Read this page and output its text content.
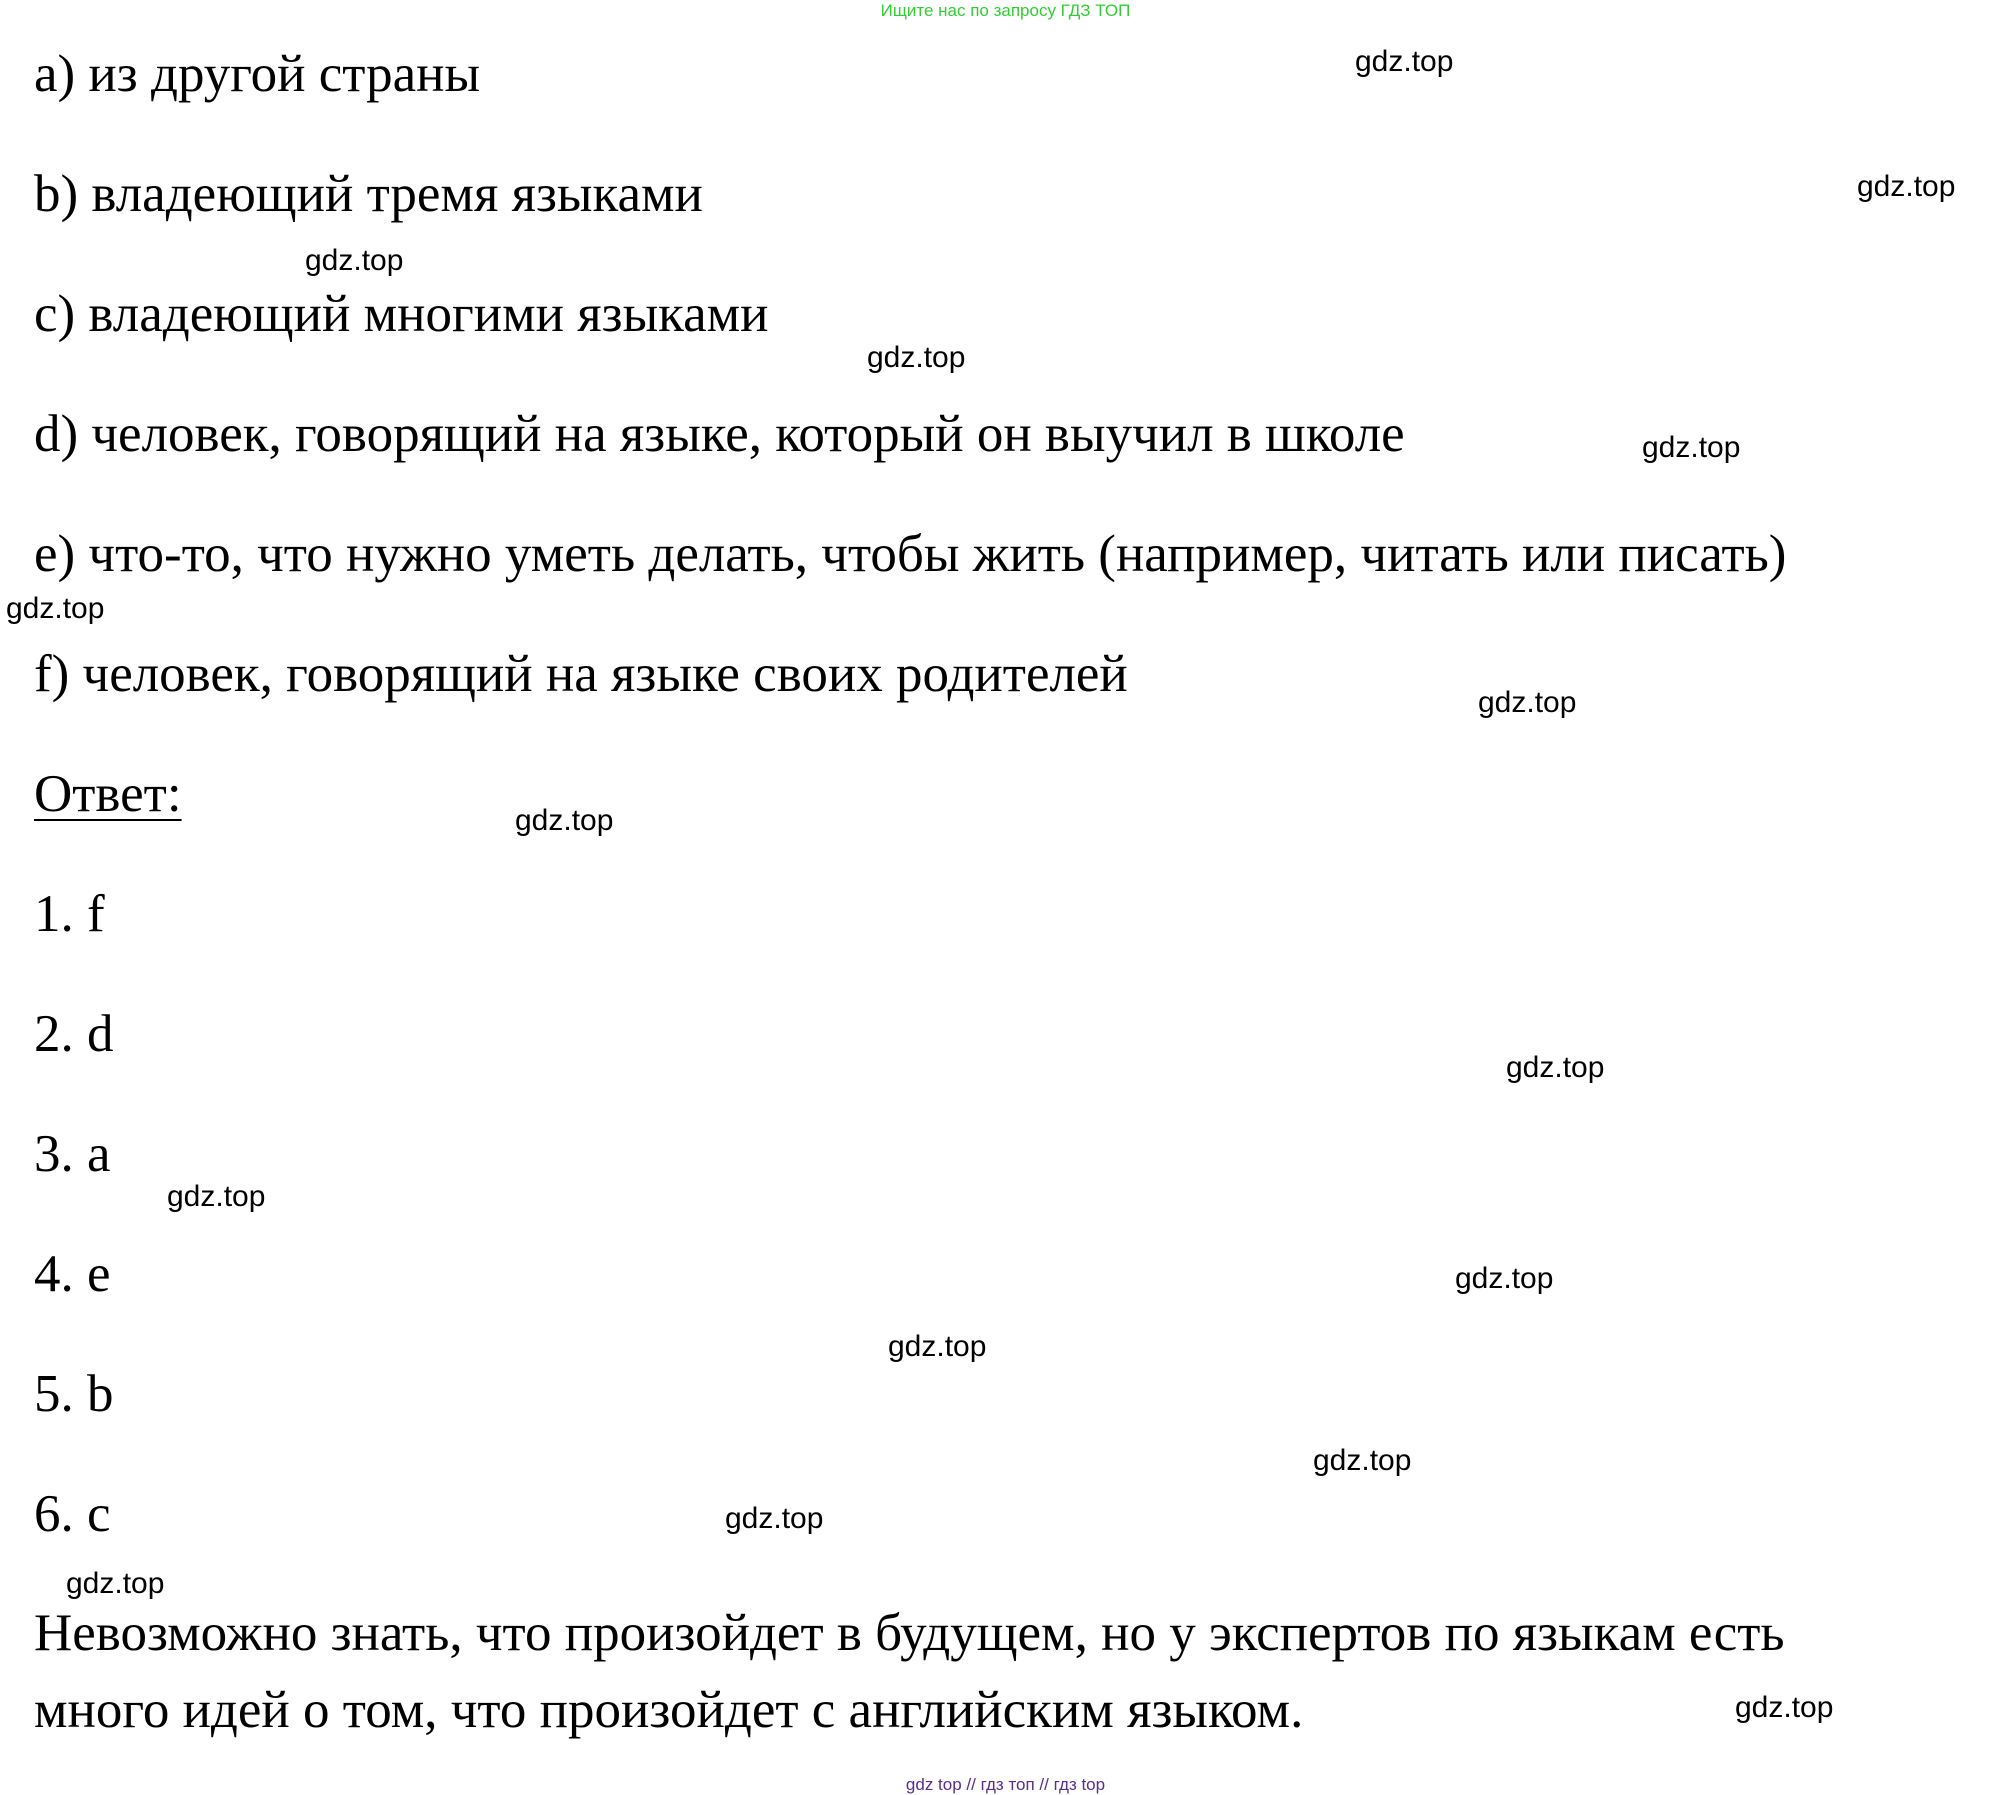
Ищите нас по запросу ГДЗ ТОП
a) из другой страны
b) владеющий тремя языками
c) владеющий многими языками
d) человек, говорящий на языке, который он выучил в школе
e) что-то, что нужно уметь делать, чтобы жить (например, читать или писать)
f) человек, говорящий на языке своих родителей
Ответ:
1. f
2. d
3. a
4. e
5. b
6. c
Невозможно знать, что произойдет в будущем, но у экспертов по языкам есть
много идей о том, что произойдет с английским языком.
gdz.top
gdz.top
gdz.top
gdz.top
gdz.top
gdz.top
gdz.top
gdz.top
gdz.top
gdz.top
gdz.top
gdz.top
gdz.top
gdz.top
gdz.top
gdz.top
gdz top // гдз топ // гдз top
